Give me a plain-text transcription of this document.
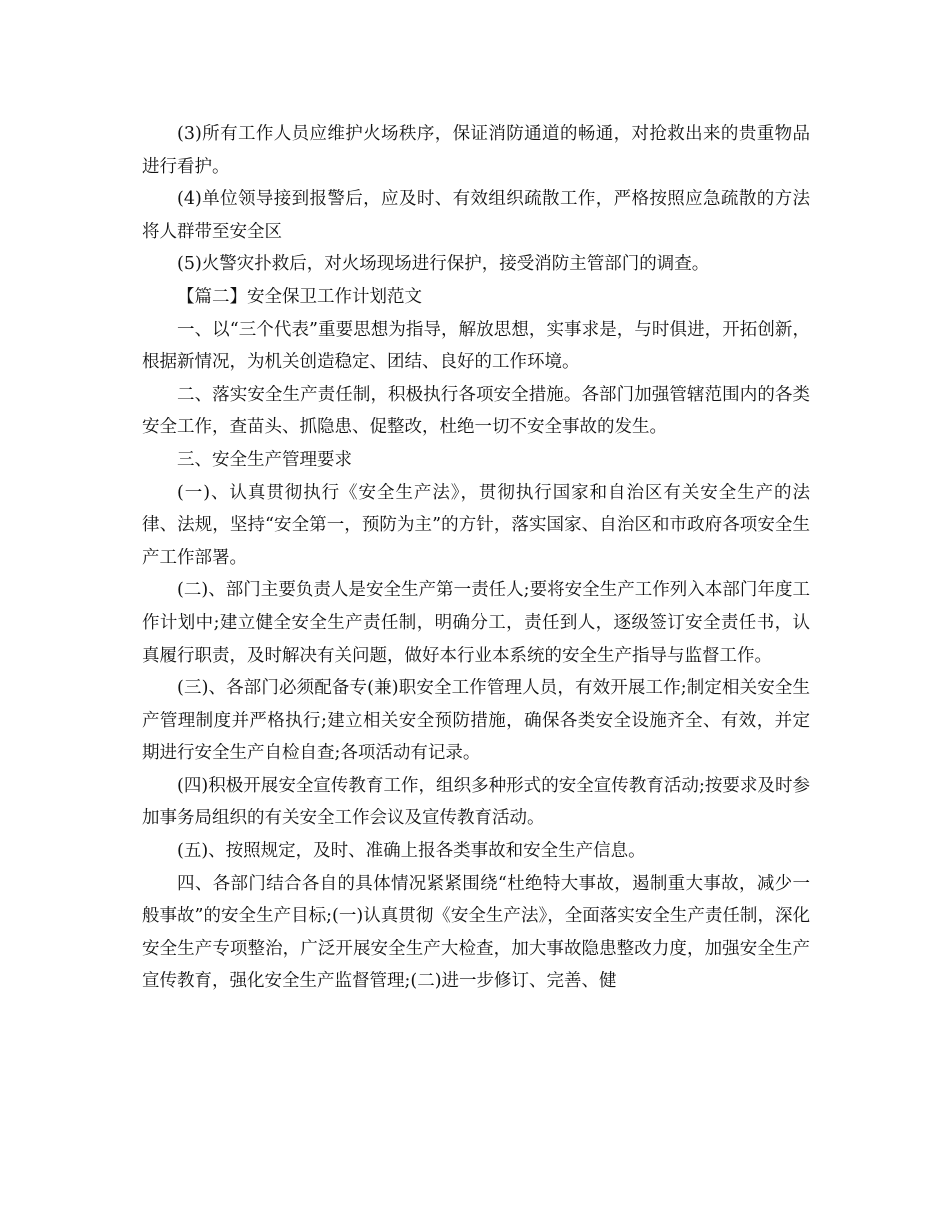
(3)所有工作人员应维护火场秩序，保证消防通道的畅通，对抢救出来的贵重物品进行看护。

(4)单位领导接到报警后，应及时、有效组织疏散工作，严格按照应急疏散的方法将人群带至安全区

(5)火警灾扑救后，对火场现场进行保护，接受消防主管部门的调查。

【篇二】安全保卫工作计划范文

一、以“三个代表”重要思想为指导，解放思想，实事求是，与时俱进，开拓创新，根据新情况，为机关创造稳定、团结、良好的工作环境。

二、落实安全生产责任制，积极执行各项安全措施。各部门加强管辖范围内的各类安全工作，查苗头、抓隐患、促整改，杜绝一切不安全事故的发生。

三、安全生产管理要求

(一)、认真贯彻执行《安全生产法》，贯彻执行国家和自治区有关安全生产的法律、法规，坚持“安全第一，预防为主”的方针，落实国家、自治区和市政府各项安全生产工作部署。

(二)、部门主要负责人是安全生产第一责任人;要将安全生产工作列入本部门年度工作计划中;建立健全安全生产责任制，明确分工，责任到人，逐级签订安全责任书，认真履行职责，及时解决有关问题，做好本行业本系统的安全生产指导与监督工作。

(三)、各部门必须配备专(兼)职安全工作管理人员，有效开展工作;制定相关安全生产管理制度并严格执行;建立相关安全预防措施，确保各类安全设施齐全、有效，并定期进行安全生产自检自查;各项活动有记录。

(四)积极开展安全宣传教育工作，组织多种形式的安全宣传教育活动;按要求及时参加事务局组织的有关安全工作会议及宣传教育活动。

(五)、按照规定，及时、准确上报各类事故和安全生产信息。

四、各部门结合各自的具体情况紧紧围绕“杜绝特大事故，遏制重大事故，减少一般事故”的安全生产目标;(一)认真贯彻《安全生产法》，全面落实安全生产责任制，深化安全生产专项整治，广泛开展安全生产大检查，加大事故隐患整改力度，加强安全生产宣传教育，强化安全生产监督管理;(二)进一步修订、完善、健
